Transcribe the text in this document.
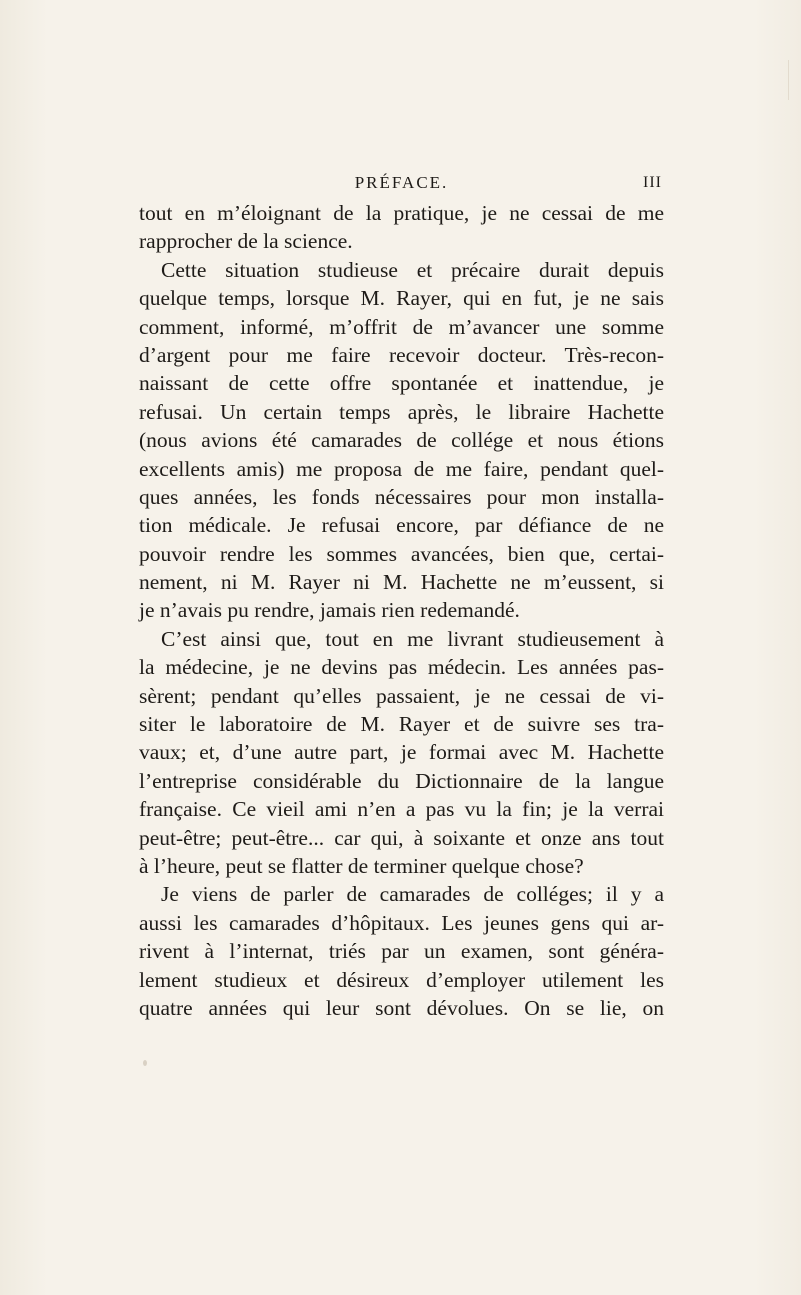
PRÉFACE.	III
tout en m’éloignant de la pratique, je ne cessai de me
rapprocher de la science.
Cette situation studieuse et précaire durait depuis
quelque temps, lorsque M. Rayer, qui en fut, je ne sais
comment, informé, m’offrit de m’avancer une somme
d’argent pour me faire recevoir docteur. Très-recon-
naissant de cette offre spontanée et inattendue, je
refusai. Un certain temps après, le libraire Hachette
(nous avions été camarades de collége et nous étions
excellents amis) me proposa de me faire, pendant quel-
ques années, les fonds nécessaires pour mon installa-
tion médicale. Je refusai encore, par défiance de ne
pouvoir rendre les sommes avancées, bien que, certai-
nement, ni M. Rayer ni M. Hachette ne m’eussent, si
je n’avais pu rendre, jamais rien redemandé.
C’est ainsi que, tout en me livrant studieusement à
la médecine, je ne devins pas médecin. Les années pas-
sèrent; pendant qu’elles passaient, je ne cessai de vi-
siter le laboratoire de M. Rayer et de suivre ses tra-
vaux; et, d’une autre part, je formai avec M. Hachette
l’entreprise considérable du Dictionnaire de la langue
française. Ce vieil ami n’en a pas vu la fin; je la verrai
peut-être; peut-être... car qui, à soixante et onze ans tout
à l’heure, peut se flatter de terminer quelque chose?
Je viens de parler de camarades de colléges; il y a
aussi les camarades d’hôpitaux. Les jeunes gens qui ar-
rivent à l’internat, triés par un examen, sont généra-
lement studieux et désireux d’employer utilement les
quatre années qui leur sont dévolues. On se lie, on
